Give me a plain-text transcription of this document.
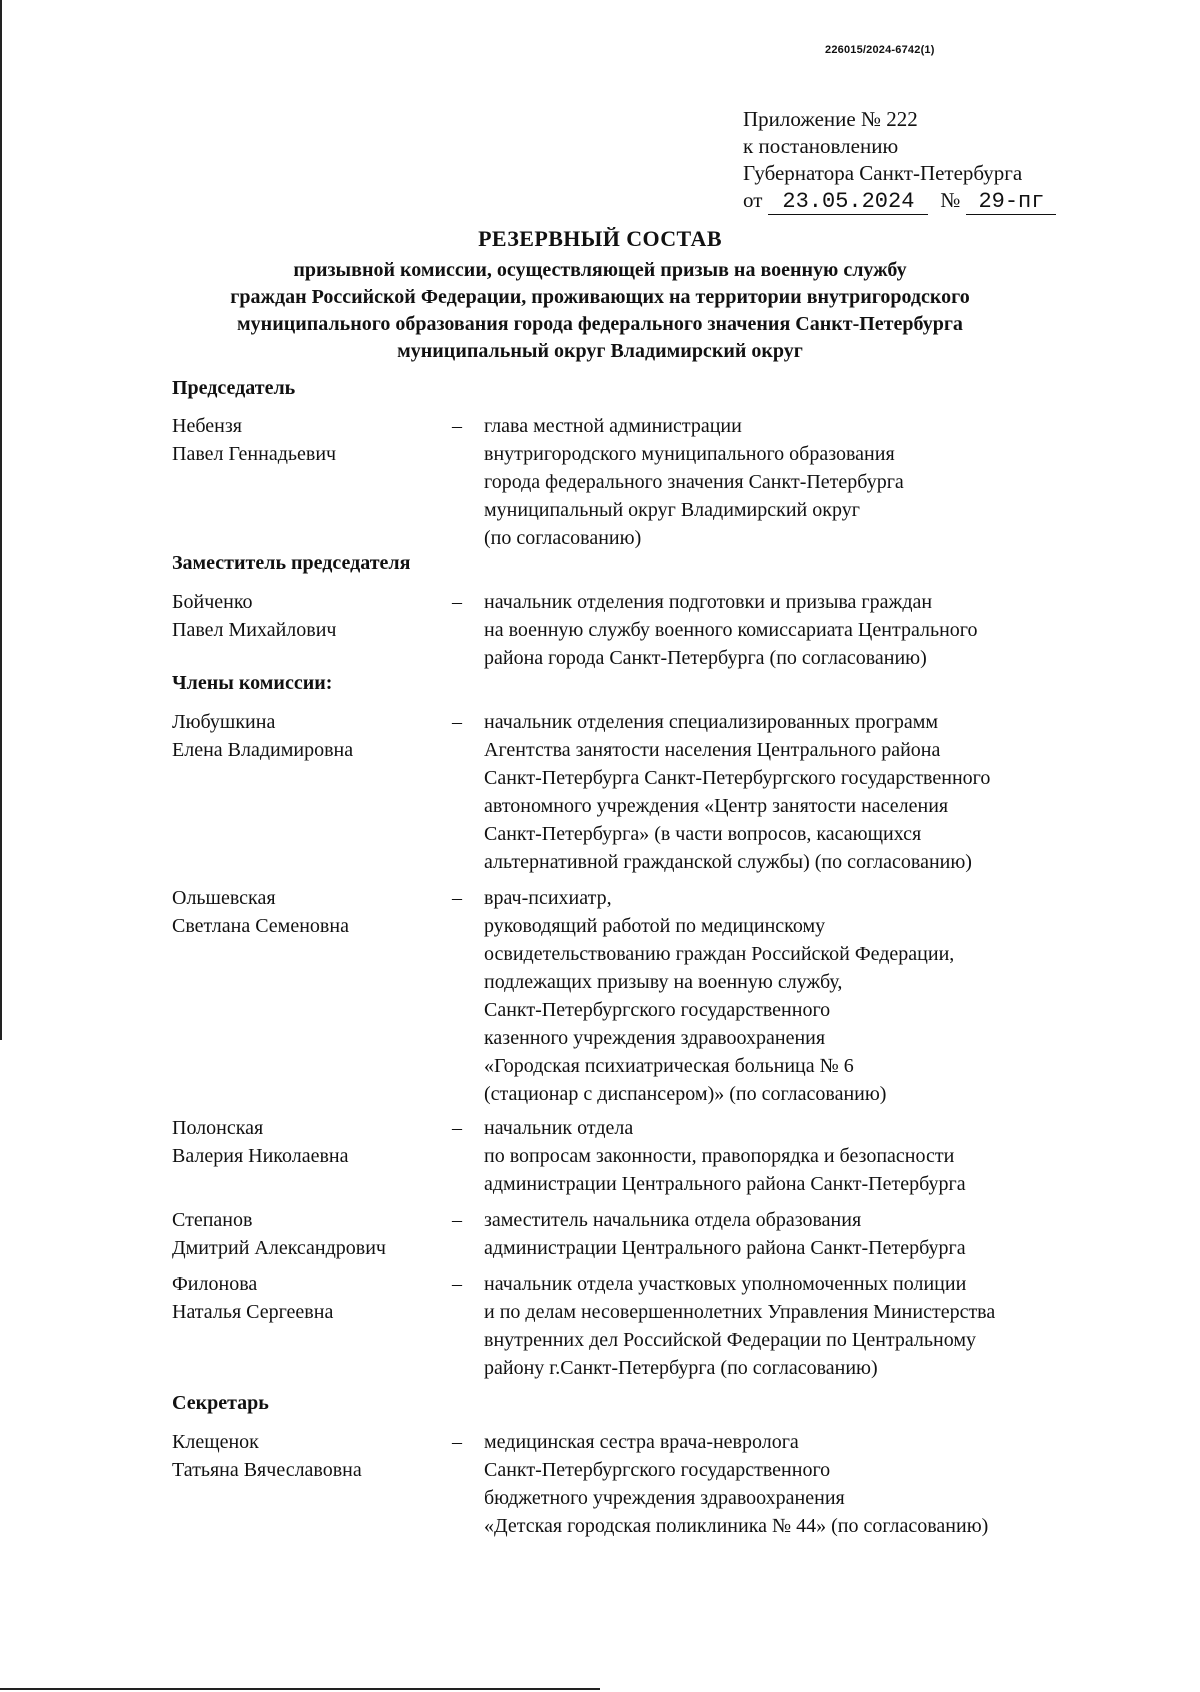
226015/2024-6742(1)
Приложение № 222
к постановлению
Губернатора Санкт-Петербурга
от 23.05.2024	№ 29-пг
РЕЗЕРВНЫЙ СОСТАВ
призывной комиссии, осуществляющей призыв на военную службу
граждан Российской Федерации, проживающих на территории внутригородского
муниципального образования города федерального значения Санкт-Петербурга
муниципальный округ Владимирский округ
Председатель
Небензя
Павел Геннадьевич
– глава местной администрации
внутригородского муниципального образования
города федерального значения Санкт-Петербурга
муниципальный округ Владимирский округ
(по согласованию)
Заместитель председателя
Бойченко
Павел Михайлович
– начальник отделения подготовки и призыва граждан
на военную службу военного комиссариата Центрального
района города Санкт-Петербурга (по согласованию)
Члены комиссии:
Любушкина
Елена Владимировна
– начальник отделения специализированных программ
Агентства занятости населения Центрального района
Санкт-Петербурга Санкт-Петербургского государственного
автономного учреждения «Центр занятости населения
Санкт-Петербурга» (в части вопросов, касающихся
альтернативной гражданской службы) (по согласованию)
Ольшевская
Светлана Семеновна
– врач-психиатр,
руководящий работой по медицинскому
освидетельствованию граждан Российской Федерации,
подлежащих призыву на военную службу,
Санкт-Петербургского государственного
казенного учреждения здравоохранения
«Городская психиатрическая больница № 6
(стационар с диспансером)» (по согласованию)
Полонская
Валерия Николаевна
– начальник отдела
по вопросам законности, правопорядка и безопасности
администрации Центрального района Санкт-Петербурга
Степанов
Дмитрий Александрович
– заместитель начальника отдела образования
администрации Центрального района Санкт-Петербурга
Филонова
Наталья Сергеевна
– начальник отдела участковых уполномоченных полиции
и по делам несовершеннолетних Управления Министерства
внутренних дел Российской Федерации по Центральному
району г.Санкт-Петербурга (по согласованию)
Секретарь
Клещенок
Татьяна Вячеславовна
– медицинская сестра врача-невролога
Санкт-Петербургского государственного
бюджетного учреждения здравоохранения
«Детская городская поликлиника № 44» (по согласованию)
